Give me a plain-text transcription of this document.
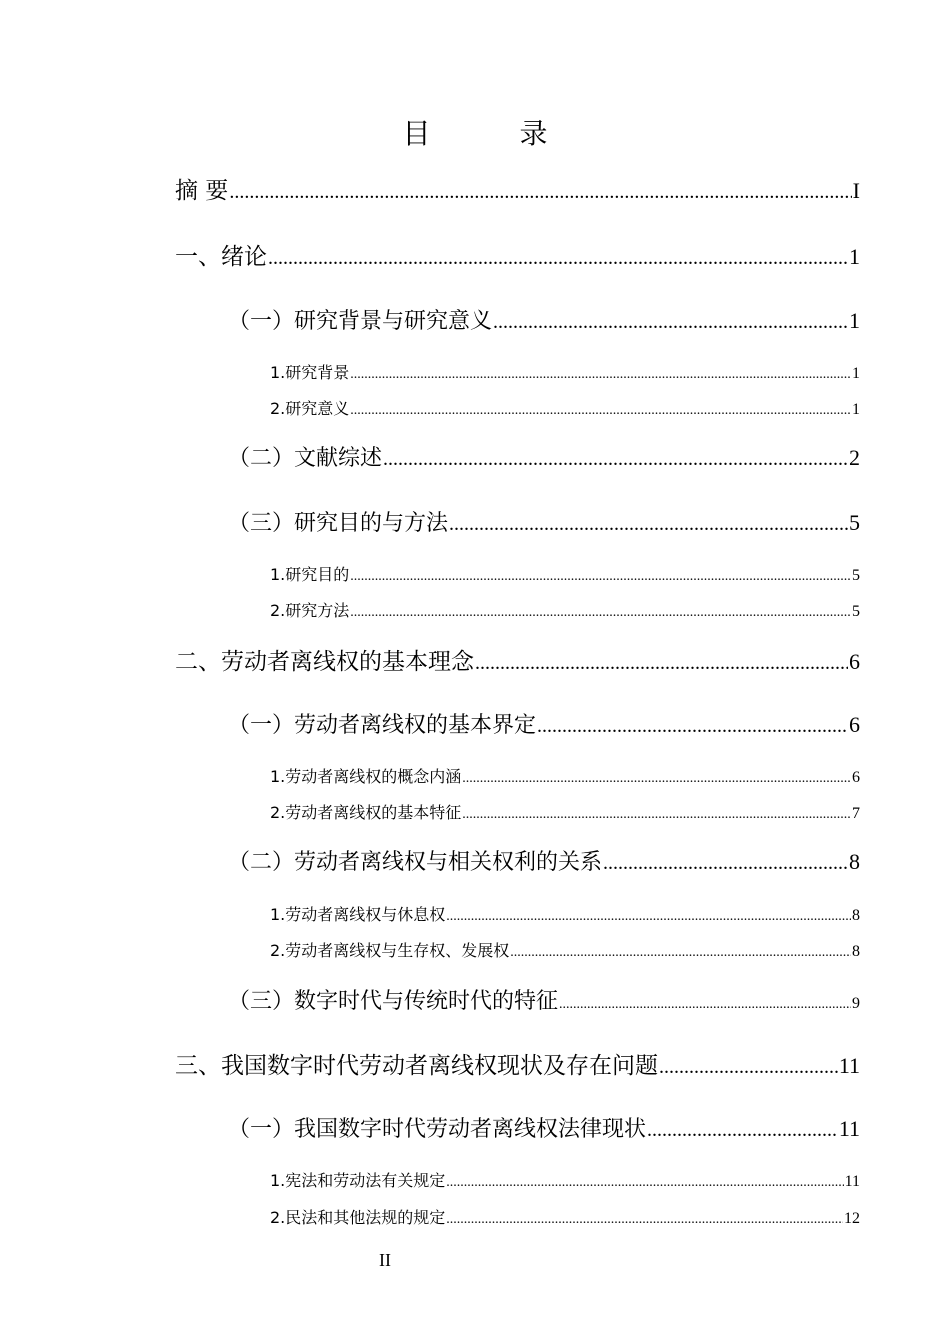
目 录
摘 要 .....	I
一、绪论 .....	1
（一）研究背景与研究意义 .....	1
1.研究背景 .....	1
2.研究意义 .....	1
（二）文献综述 .....	2
（三）研究目的与方法 .....	5
1.研究目的 .....	5
2.研究方法 .....	5
二、劳动者离线权的基本理念 .....	6
（一）劳动者离线权的基本界定 .....	6
1.劳动者离线权的概念内涵 .....	6
2.劳动者离线权的基本特征 .....	7
（二）劳动者离线权与相关权利的关系 .....	8
1.劳动者离线权与休息权 .....	8
2.劳动者离线权与生存权、发展权 .....	8
（三）数字时代与传统时代的特征 .....	9
三、我国数字时代劳动者离线权现状及存在问题 .....	11
（一）我国数字时代劳动者离线权法律现状 .....	11
1.宪法和劳动法有关规定 .....	11
2.民法和其他法规的规定 .....	12
II
